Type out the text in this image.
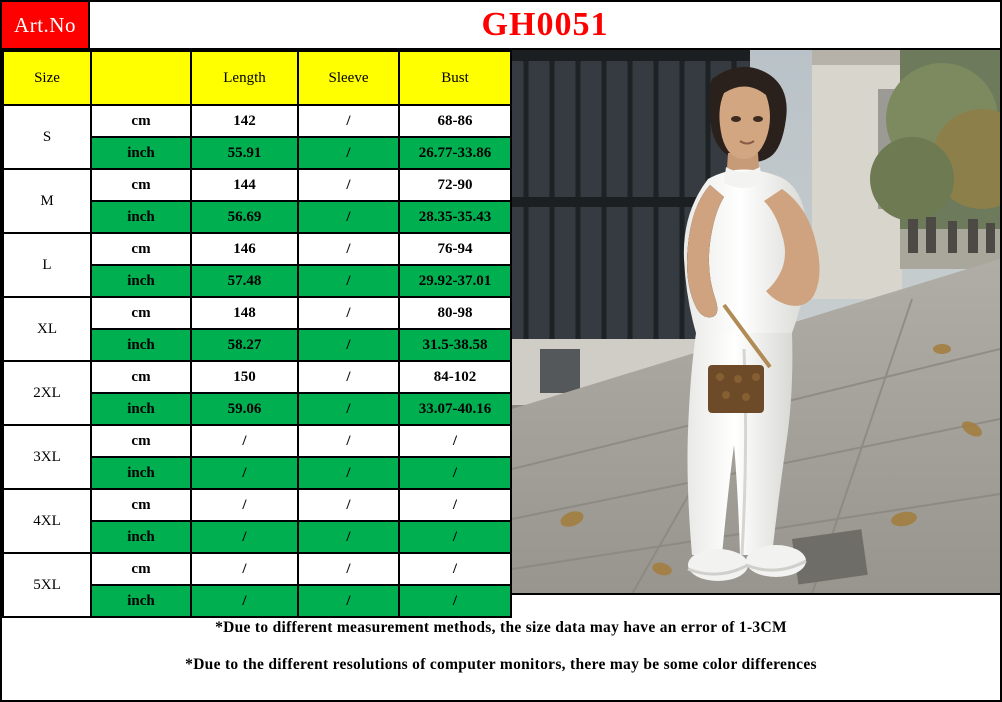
Art.No	GH0051
Size		Length	Sleeve	Bust
S	cm	142	/	68-86
	inch	55.91	/	26.77-33.86
M	cm	144	/	72-90
	inch	56.69	/	28.35-35.43
L	cm	146	/	76-94
	inch	57.48	/	29.92-37.01
XL	cm	148	/	80-98
	inch	58.27	/	31.5-38.58
2XL	cm	150	/	84-102
	inch	59.06	/	33.07-40.16
3XL	cm	/	/	/
	inch	/	/	/
4XL	cm	/	/	/
	inch	/	/	/
5XL	cm	/	/	/
	inch	/	/	/
*Due to different measurement methods, the size data may have an error of 1-3CM
*Due to the different resolutions of computer monitors, there may be some color differences
